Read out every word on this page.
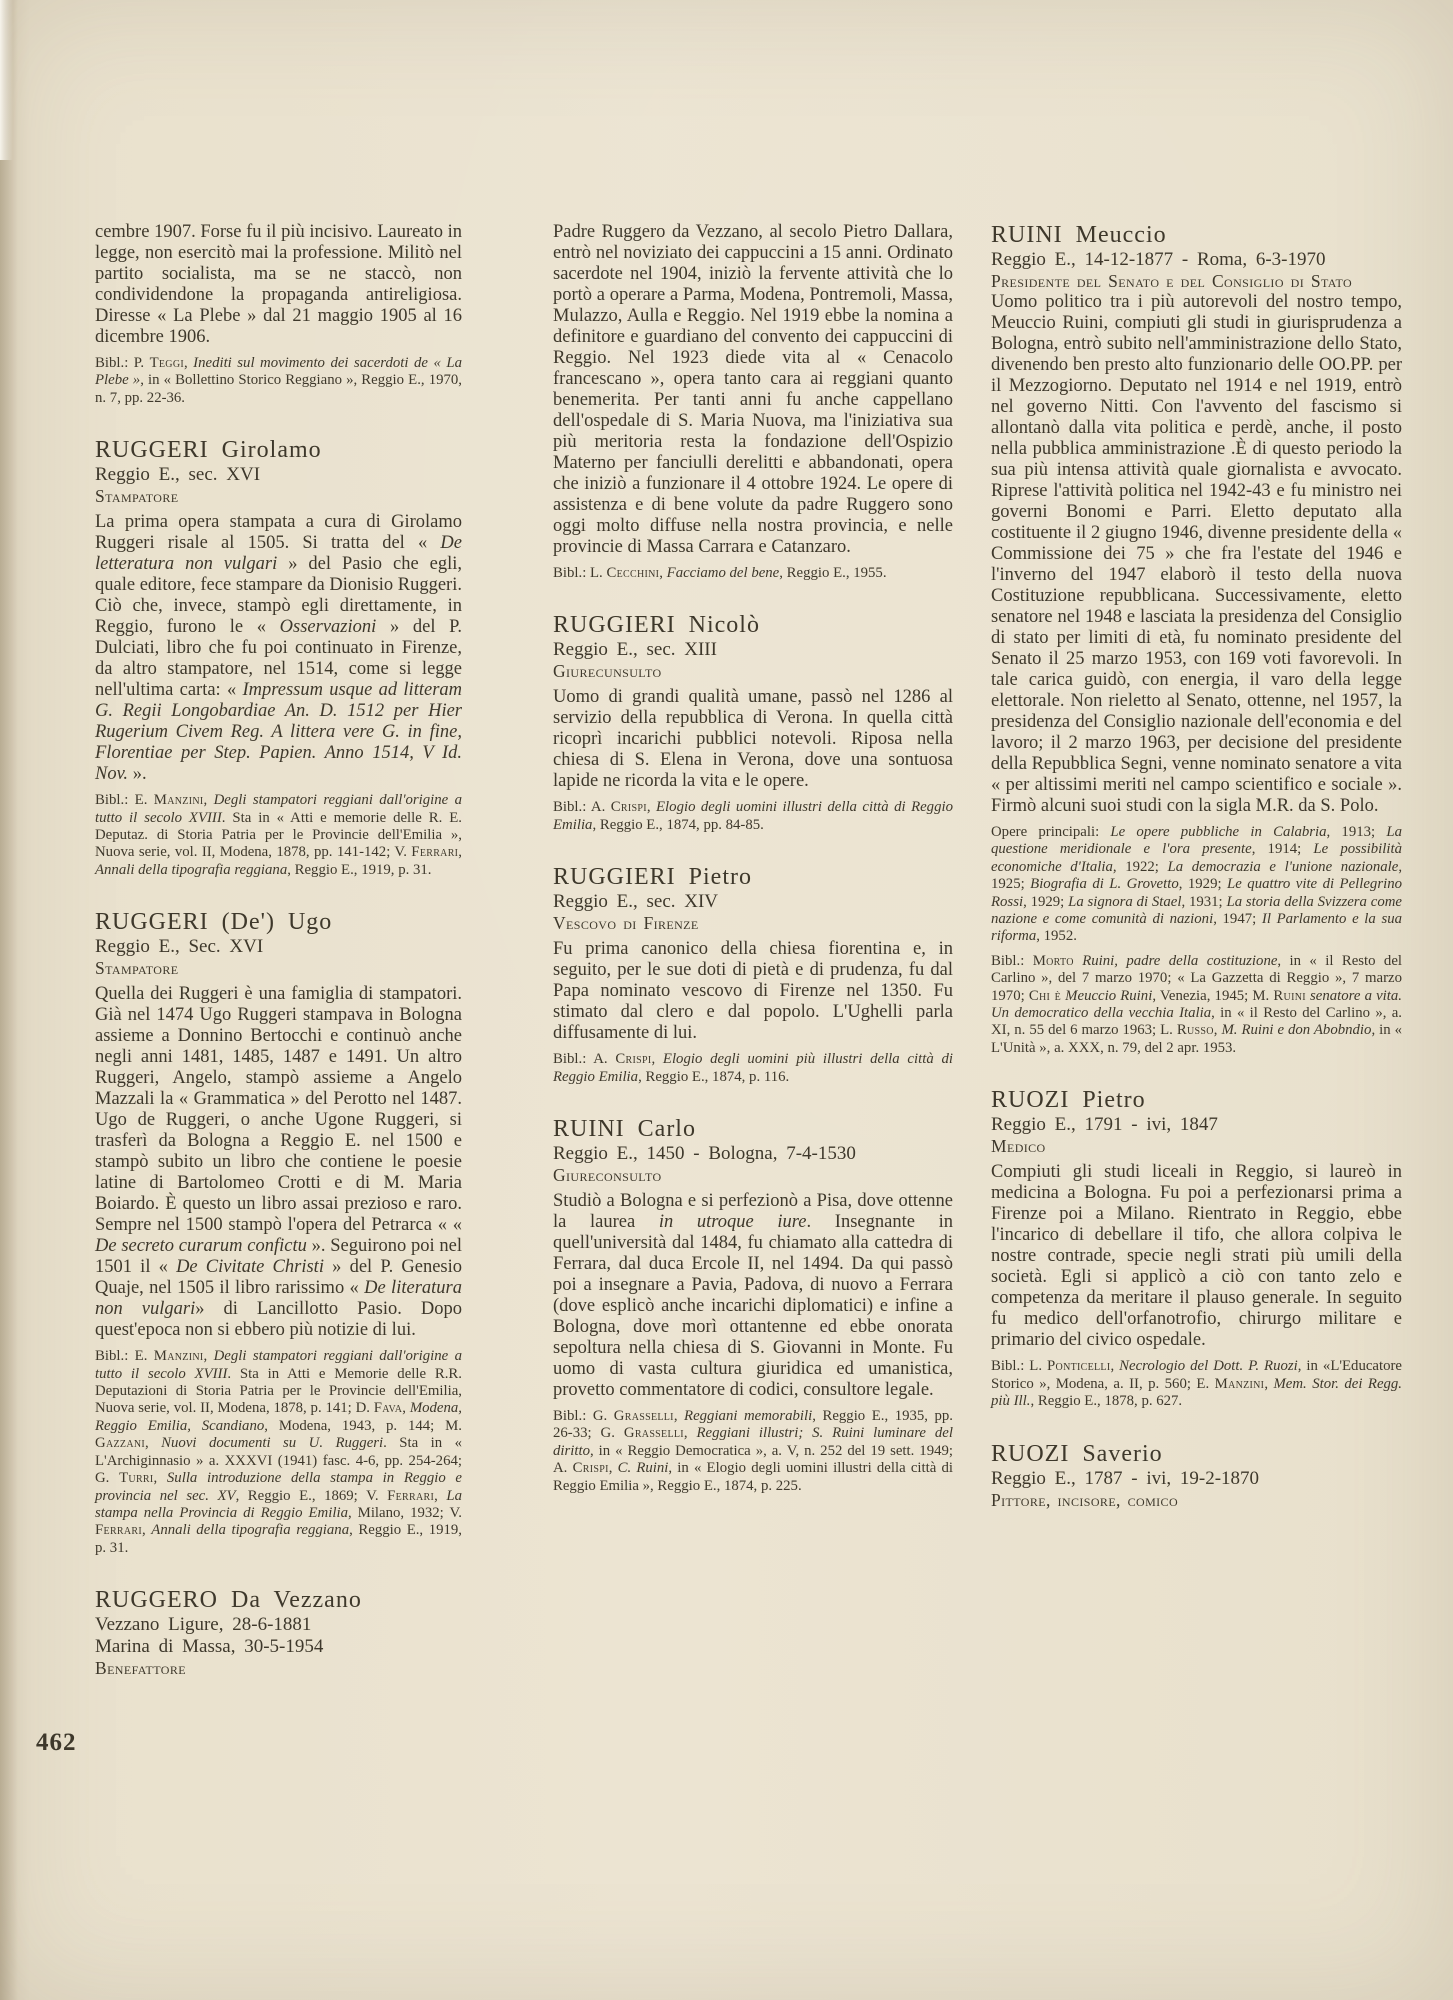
462

cembre 1907. Forse fu il più incisivo. Laureato in legge, non esercitò mai la professione. Militò nel partito socialista, ma se ne staccò, non condividendone la propaganda antireligiosa. Diresse « La Plebe » dal 21 maggio 1905 al 16 dicembre 1906.

Bibl.: P. Teggi, Inediti sul movimento dei sacerdoti de « La Plebe », in « Bollettino Storico Reggiano », Reggio E., 1970, n. 7, pp. 22-36.

RUGGERI Girolamo
Reggio E., sec. XVI
Stampatore

La prima opera stampata a cura di Girolamo Ruggeri risale al 1505. Si tratta del « De letteratura non vulgari » del Pasio che egli, quale editore, fece stampare da Dionisio Ruggeri. Ciò che, invece, stampò egli direttamente, in Reggio, furono le « Osservazioni » del P. Dulciati, libro che fu poi continuato in Firenze, da altro stampatore, nel 1514, come si legge nell'ultima carta: « Impressum usque ad litteram G. Regii Longobardiae An. D. 1512 per Hier Rugerium Civem Reg. A littera vere G. in fine, Florentiae per Step. Papien. Anno 1514, V Id. Nov. ».

Bibl.: E. Manzini, Degli stampatori reggiani dall'origine a tutto il secolo XVIII. Sta in « Atti e memorie delle R. E. Deputaz. di Storia Patria per le Provincie dell'Emilia », Nuova serie, vol. II, Modena, 1878, pp. 141-142; V. Ferrari, Annali della tipografia reggiana, Reggio E., 1919, p. 31.

RUGGERI (De') Ugo
Reggio E., Sec. XVI
Stampatore

Quella dei Ruggeri è una famiglia di stampatori. Già nel 1474 Ugo Ruggeri stampava in Bologna assieme a Donnino Bertocchi e continuò anche negli anni 1481, 1485, 1487 e 1491. Un altro Ruggeri, Angelo, stampò assieme a Angelo Mazzali la « Grammatica » del Perotto nel 1487. Ugo de Ruggeri, o anche Ugone Ruggeri, si trasferì da Bologna a Reggio E. nel 1500 e stampò subito un libro che contiene le poesie latine di Bartolomeo Crotti e di M. Maria Boiardo. È questo un libro assai prezioso e raro. Sempre nel 1500 stampò l'opera del Petrarca « « De secreto curarum confictu ». Seguirono poi nel 1501 il « De Civitate Christi » del P. Genesio Quaje, nel 1505 il libro rarissimo « De literatura non vulgari» di Lancillotto Pasio. Dopo quest'epoca non si ebbero più notizie di lui.

Bibl.: E. Manzini, Degli stampatori reggiani dall'origine a tutto il secolo XVIII. Sta in Atti e Memorie delle R.R. Deputazioni di Storia Patria per le Provincie dell'Emilia, Nuova serie, vol. II, Modena, 1878, p. 141; D. Fava, Modena, Reggio Emilia, Scandiano, Modena, 1943, p. 144; M. Gazzani, Nuovi documenti su U. Ruggeri. Sta in « L'Archiginnasio » a. XXXVI (1941) fasc. 4-6, pp. 254-264; G. Turri, Sulla introduzione della stampa in Reggio e provincia nel sec. XV, Reggio E., 1869; V. Ferrari, La stampa nella Provincia di Reggio Emilia, Milano, 1932; V. Ferrari, Annali della tipografia reggiana, Reggio E., 1919, p. 31.

RUGGERO Da Vezzano
Vezzano Ligure, 28-6-1881
Marina di Massa, 30-5-1954
Benefattore

Padre Ruggero da Vezzano, al secolo Pietro Dallara, entrò nel noviziato dei cappuccini a 15 anni. Ordinato sacerdote nel 1904, iniziò la fervente attività che lo portò a operare a Parma, Modena, Pontremoli, Massa, Mulazzo, Aulla e Reggio. Nel 1919 ebbe la nomina a definitore e guardiano del convento dei cappuccini di Reggio. Nel 1923 diede vita al « Cenacolo francescano », opera tanto cara ai reggiani quanto benemerita. Per tanti anni fu anche cappellano dell'ospedale di S. Maria Nuova, ma l'iniziativa sua più meritoria resta la fondazione dell'Ospizio Materno per fanciulli derelitti e abbandonati, opera che iniziò a funzionare il 4 ottobre 1924. Le opere di assistenza e di bene volute da padre Ruggero sono oggi molto diffuse nella nostra provincia, e nelle provincie di Massa Carrara e Catanzaro.

Bibl.: L. Cecchini, Facciamo del bene, Reggio E., 1955.

RUGGIERI Nicolò
Reggio E., sec. XIII
Giurecunsulto

Uomo di grandi qualità umane, passò nel 1286 al servizio della repubblica di Verona. In quella città ricoprì incarichi pubblici notevoli. Riposa nella chiesa di S. Elena in Verona, dove una sontuosa lapide ne ricorda la vita e le opere.

Bibl.: A. Crispi, Elogio degli uomini illustri della città di Reggio Emilia, Reggio E., 1874, pp. 84-85.

RUGGIERI Pietro
Reggio E., sec. XIV
Vescovo di Firenze

Fu prima canonico della chiesa fiorentina e, in seguito, per le sue doti di pietà e di prudenza, fu dal Papa nominato vescovo di Firenze nel 1350. Fu stimato dal clero e dal popolo. L'Ughelli parla diffusamente di lui.

Bibl.: A. Crispi, Elogio degli uomini più illustri della città di Reggio Emilia, Reggio E., 1874, p. 116.

RUINI Carlo
Reggio E., 1450 - Bologna, 7-4-1530
Giureconsulto

Studiò a Bologna e si perfezionò a Pisa, dove ottenne la laurea in utroque iure. Insegnante in quell'università dal 1484, fu chiamato alla cattedra di Ferrara, dal duca Ercole II, nel 1494. Da qui passò poi a insegnare a Pavia, Padova, di nuovo a Ferrara (dove esplicò anche incarichi diplomatici) e infine a Bologna, dove morì ottantenne ed ebbe onorata sepoltura nella chiesa di S. Giovanni in Monte. Fu uomo di vasta cultura giuridica ed umanistica, provetto commentatore di codici, consultore legale.

Bibl.: G. Grasselli, Reggiani memorabili, Reggio E., 1935, pp. 26-33; G. Grasselli, Reggiani illustri; S. Ruini luminare del diritto, in « Reggio Democratica », a. V, n. 252 del 19 sett. 1949; A. Crispi, C. Ruini, in « Elogio degli uomini illustri della città di Reggio Emilia », Reggio E., 1874, p. 225.

RUINI Meuccio
Reggio E., 14-12-1877 - Roma, 6-3-1970
Presidente del Senato e del Consiglio di Stato

Uomo politico tra i più autorevoli del nostro tempo, Meuccio Ruini, compiuti gli studi in giurisprudenza a Bologna, entrò subito nell'amministrazione dello Stato, divenendo ben presto alto funzionario delle OO.PP. per il Mezzogiorno. Deputato nel 1914 e nel 1919, entrò nel governo Nitti. Con l'avvento del fascismo si allontanò dalla vita politica e perdè, anche, il posto nella pubblica amministrazione .È di questo periodo la sua più intensa attività quale giornalista e avvocato. Riprese l'attività politica nel 1942-43 e fu ministro nei governi Bonomi e Parri. Eletto deputato alla costituente il 2 giugno 1946, divenne presidente della « Commissione dei 75 » che fra l'estate del 1946 e l'inverno del 1947 elaborò il testo della nuova Costituzione repubblicana. Successivamente, eletto senatore nel 1948 e lasciata la presidenza del Consiglio di stato per limiti di età, fu nominato presidente del Senato il 25 marzo 1953, con 169 voti favorevoli. In tale carica guidò, con energia, il varo della legge elettorale. Non rieletto al Senato, ottenne, nel 1957, la presidenza del Consiglio nazionale dell'economia e del lavoro; il 2 marzo 1963, per decisione del presidente della Repubblica Segni, venne nominato senatore a vita « per altissimi meriti nel campo scientifico e sociale ». Firmò alcuni suoi studi con la sigla M.R. da S. Polo.

Opere principali: Le opere pubbliche in Calabria, 1913; La questione meridionale e l'ora presente, 1914; Le possibilità economiche d'Italia, 1922; La democrazia e l'unione nazionale, 1925; Biografia di L. Grovetto, 1929; Le quattro vite di Pellegrino Rossi, 1929; La signora di Stael, 1931; La storia della Svizzera come nazione e come comunità di nazioni, 1947; Il Parlamento e la sua riforma, 1952.

Bibl.: Morto Ruini, padre della costituzione, in « il Resto del Carlino », del 7 marzo 1970; « La Gazzetta di Reggio », 7 marzo 1970; Chi è Meuccio Ruini, Venezia, 1945; M. Ruini senatore a vita. Un democratico della vecchia Italia, in « il Resto del Carlino », a. XI, n. 55 del 6 marzo 1963; L. Russo, M. Ruini e don Abobndio, in « L'Unità », a. XXX, n. 79, del 2 apr. 1953.

RUOZI Pietro
Reggio E., 1791 - ivi, 1847
Medico

Compiuti gli studi liceali in Reggio, si laureò in medicina a Bologna. Fu poi a perfezionarsi prima a Firenze poi a Milano. Rientrato in Reggio, ebbe l'incarico di debellare il tifo, che allora colpiva le nostre contrade, specie negli strati più umili della società. Egli si applicò a ciò con tanto zelo e competenza da meritare il plauso generale. In seguito fu medico dell'orfanotrofio, chirurgo militare e primario del civico ospedale.

Bibl.: L. Ponticelli, Necrologio del Dott. P. Ruozi, in «L'Educatore Storico », Modena, a. II, p. 560; E. Manzini, Mem. Stor. dei Regg. più Ill., Reggio E., 1878, p. 627.

RUOZI Saverio
Reggio E., 1787 - ivi, 19-2-1870
Pittore, incisore, comico
